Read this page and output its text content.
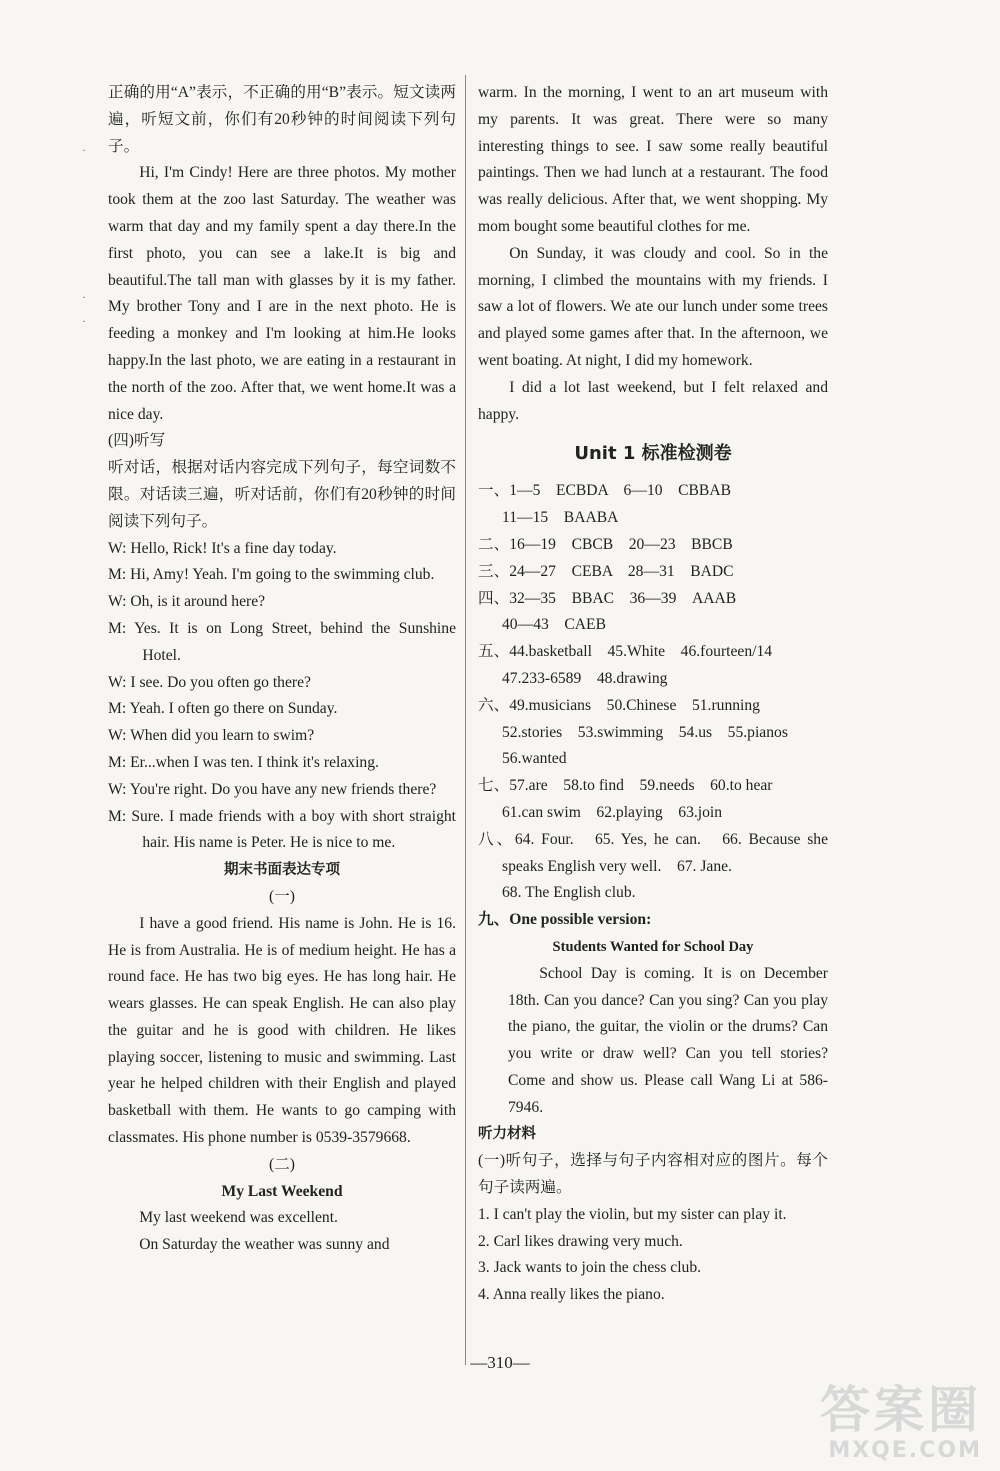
·
·
·

正确的用“A”表示，不正确的用“B”表示。短文读两遍，听短文前，你们有20秒钟的时间阅读下列句子。

Hi, I'm Cindy! Here are three photos. My mother took them at the zoo last Saturday. The weather was warm that day and my family spent a day there.In the first photo, you can see a lake.It is big and beautiful.The tall man with glasses by it is my father. My brother Tony and I are in the next photo. He is feeding a monkey and I'm looking at him.He looks happy.In the last photo, we are eating in a restaurant in the north of the zoo. After that, we went home.It was a nice day.

(四)听写

听对话，根据对话内容完成下列句子，每空词数不限。对话读三遍，听对话前，你们有20秒钟的时间阅读下列句子。

W: Hello, Rick! It's a fine day today.

M: Hi, Amy! Yeah. I'm going to the swimming club.

W: Oh, is it around here?

M: Yes. It is on Long Street, behind the Sunshine Hotel.

W: I see. Do you often go there?

M: Yeah. I often go there on Sunday.

W: When did you learn to swim?

M: Er...when I was ten. I think it's relaxing.

W: You're right. Do you have any new friends there?

M: Sure. I made friends with a boy with short straight hair. His name is Peter. He is nice to me.

期末书面表达专项

(一)

I have a good friend. His name is John. He is 16. He is from Australia. He is of medium height. He has a round face. He has two big eyes. He has long hair. He wears glasses. He can speak English. He can also play the guitar and he is good with children. He likes playing soccer, listening to music and swimming. Last year he helped children with their English and played basketball with them. He wants to go camping with classmates. His phone number is 0539-3579668.

(二)

My Last Weekend

My last weekend was excellent.

On Saturday the weather was sunny and

warm. In the morning, I went to an art museum with my parents. It was great. There were so many interesting things to see. I saw some really beautiful paintings. Then we had lunch at a restaurant. The food was really delicious. After that, we went shopping. My mom bought some beautiful clothes for me.

On Sunday, it was cloudy and cool. So in the morning, I climbed the mountains with my friends. I saw a lot of flowers. We ate our lunch under some trees and played some games after that. In the afternoon, we went boating. At night, I did my homework.

I did a lot last weekend, but I felt relaxed and happy.

Unit 1 标准检测卷

一、1—5　ECBDA　6—10　CBBAB

11—15　BAABA

二、16—19　CBCB　20—23　BBCB

三、24—27　CEBA　28—31　BADC

四、32—35　BBAC　36—39　AAAB

40—43　CAEB

五、44.basketball　45.White　46.fourteen/14

47.233-6589　48.drawing

六、49.musicians　50.Chinese　51.running

52.stories　53.swimming　54.us　55.pianos

56.wanted

七、57.are　58.to find　59.needs　60.to hear

61.can swim　62.playing　63.join

八、64. Four.　65. Yes, he can.　66. Because she speaks English very well.　67. Jane.

68. The English club.

九、One possible version:

Students Wanted for School Day

School Day is coming. It is on December 18th. Can you dance? Can you sing? Can you play the piano, the guitar, the violin or the drums? Can you write or draw well? Can you tell stories? Come and show us. Please call Wang Li at 586-7946.

听力材料

(一)听句子，选择与句子内容相对应的图片。每个句子读两遍。

1. I can't play the violin, but my sister can play it.

2. Carl likes drawing very much.

3. Jack wants to join the chess club.

4. Anna really likes the piano.

—310—
答案圈
MXQE.COM
